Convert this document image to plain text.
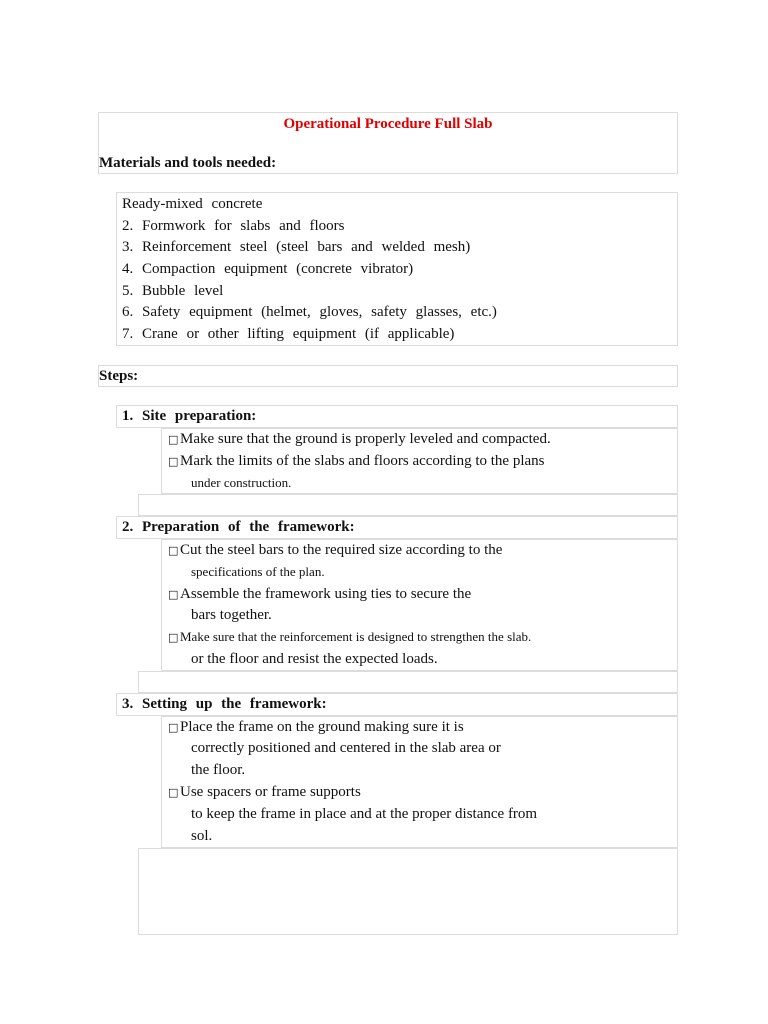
Operational Procedure Full Slab
Materials and tools needed:
Ready-mixed concrete
2. Formwork for slabs and floors
3. Reinforcement steel (steel bars and welded mesh)
4. Compaction equipment (concrete vibrator)
5. Bubble level
6. Safety equipment (helmet, gloves, safety glasses, etc.)
7. Crane or other lifting equipment (if applicable)
Steps:
1. Site preparation:
□ Make sure that the ground is properly leveled and compacted.
□ Mark the limits of the slabs and floors according to the plans
under construction.
2. Preparation of the framework:
□ Cut the steel bars to the required size according to the
specifications of the plan.
□ Assemble the framework using ties to secure the
bars together.
□ Make sure that the reinforcement is designed to strengthen the slab.
or the floor and resist the expected loads.
3. Setting up the framework:
□ Place the frame on the ground making sure it is
correctly positioned and centered in the slab area or
the floor.
□ Use spacers or frame supports
to keep the frame in place and at the proper distance from
sol.
